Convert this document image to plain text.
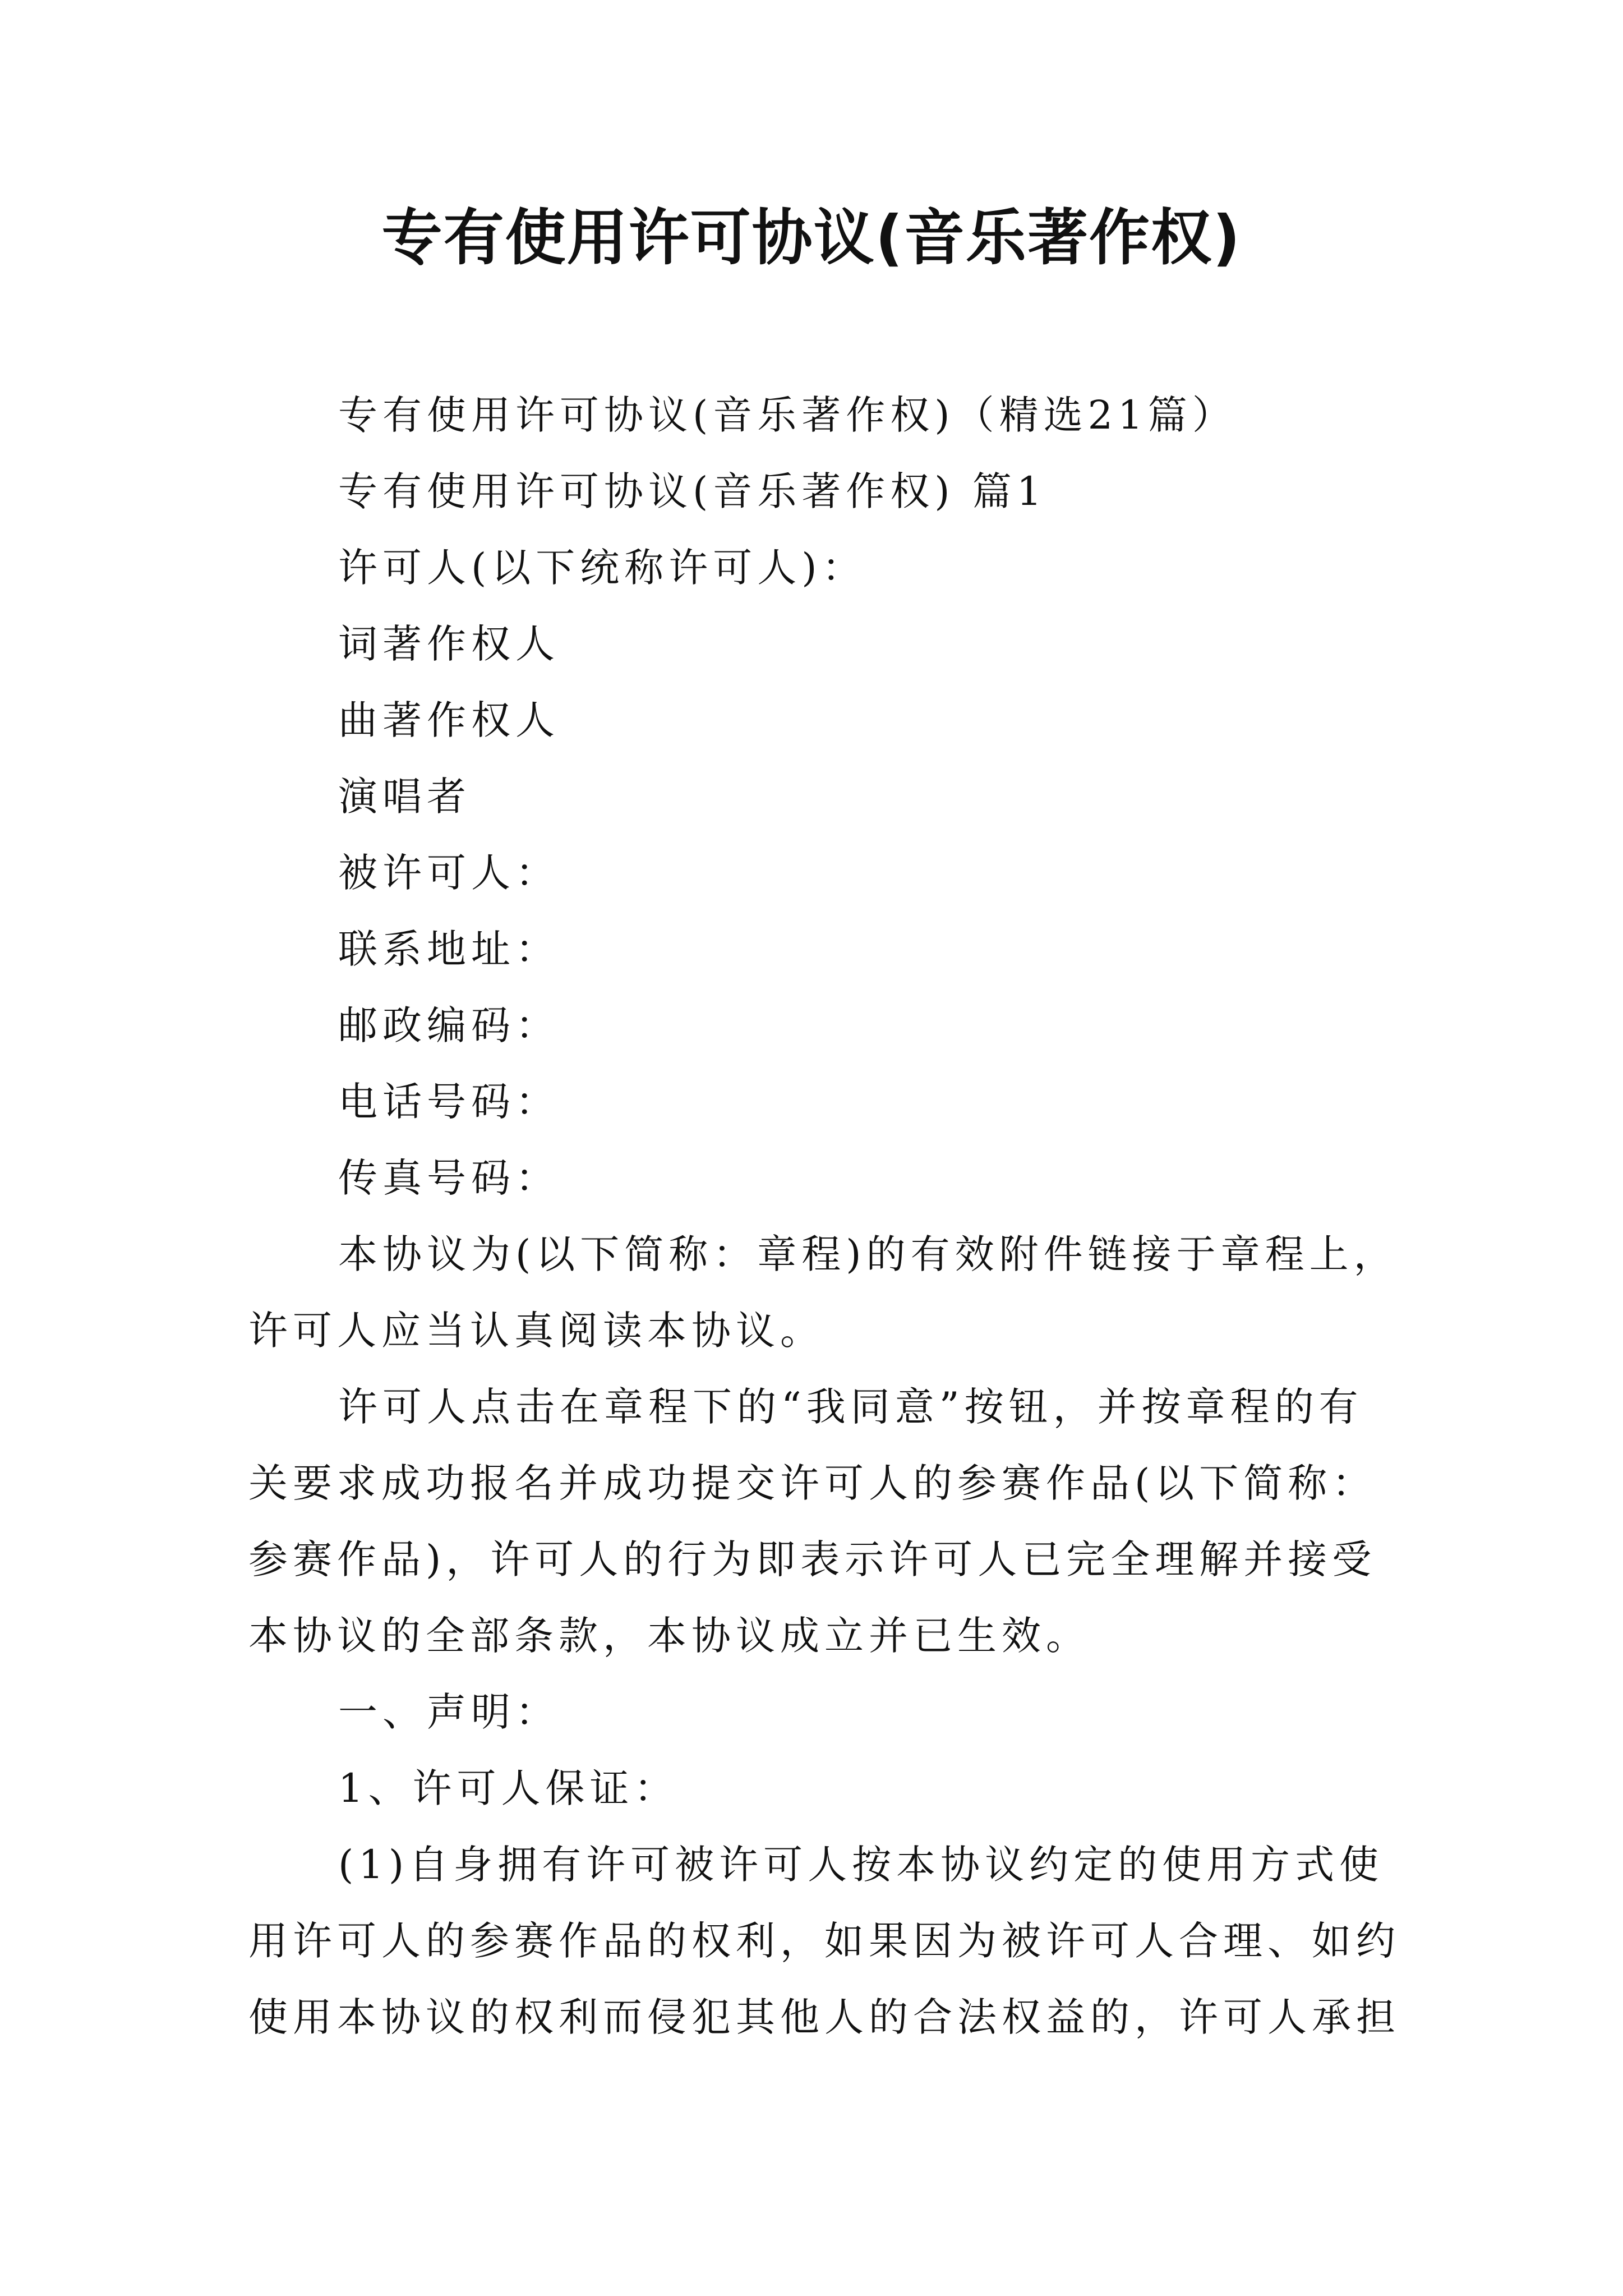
专有使用许可协议(音乐著作权)

专有使用许可协议(音乐著作权)（精选21篇）

专有使用许可协议(音乐著作权) 篇1

许可人(以下统称许可人)：

词著作权人

曲著作权人

演唱者

被许可人：

联系地址：

邮政编码：

电话号码：

传真号码：

本协议为(以下简称：章程)的有效附件链接于章程上，

许可人应当认真阅读本协议。

许可人点击在章程下的“我同意”按钮，并按章程的有

关要求成功报名并成功提交许可人的参赛作品(以下简称：

参赛作品)，许可人的行为即表示许可人已完全理解并接受

本协议的全部条款，本协议成立并已生效。

一、声明：

1、许可人保证：

(1)自身拥有许可被许可人按本协议约定的使用方式使

用许可人的参赛作品的权利，如果因为被许可人合理、如约

使用本协议的权利而侵犯其他人的合法权益的，许可人承担
